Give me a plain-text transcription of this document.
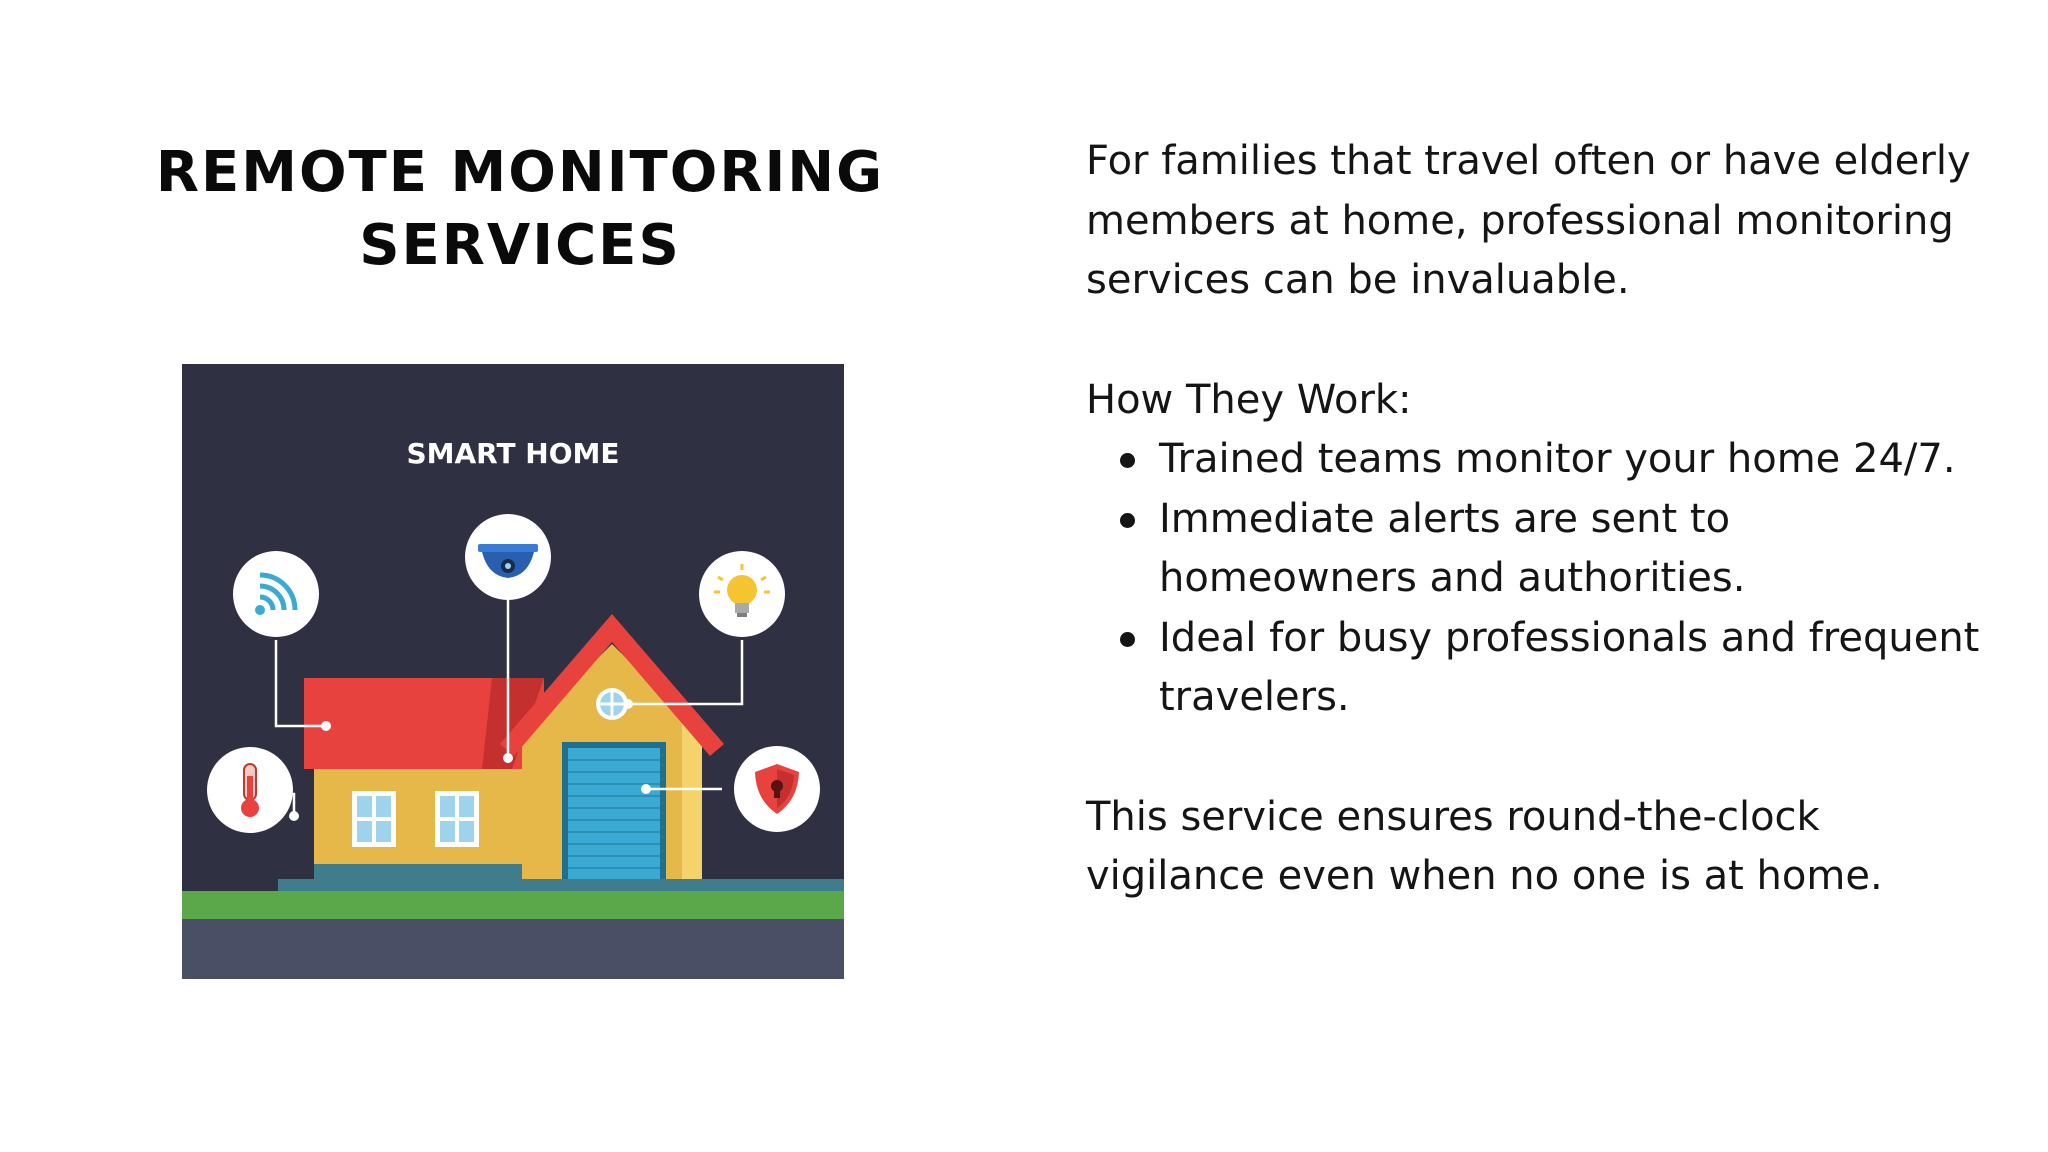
REMOTE MONITORING SERVICES
SMART HOME

For families that travel often or have elderly members at home, professional monitoring services can be invaluable.

How They Work:

Trained teams monitor your home 24/7.
Immediate alerts are sent to homeowners and authorities.
Ideal for busy professionals and frequent travelers.

This service ensures round-the-clock vigilance even when no one is at home.
